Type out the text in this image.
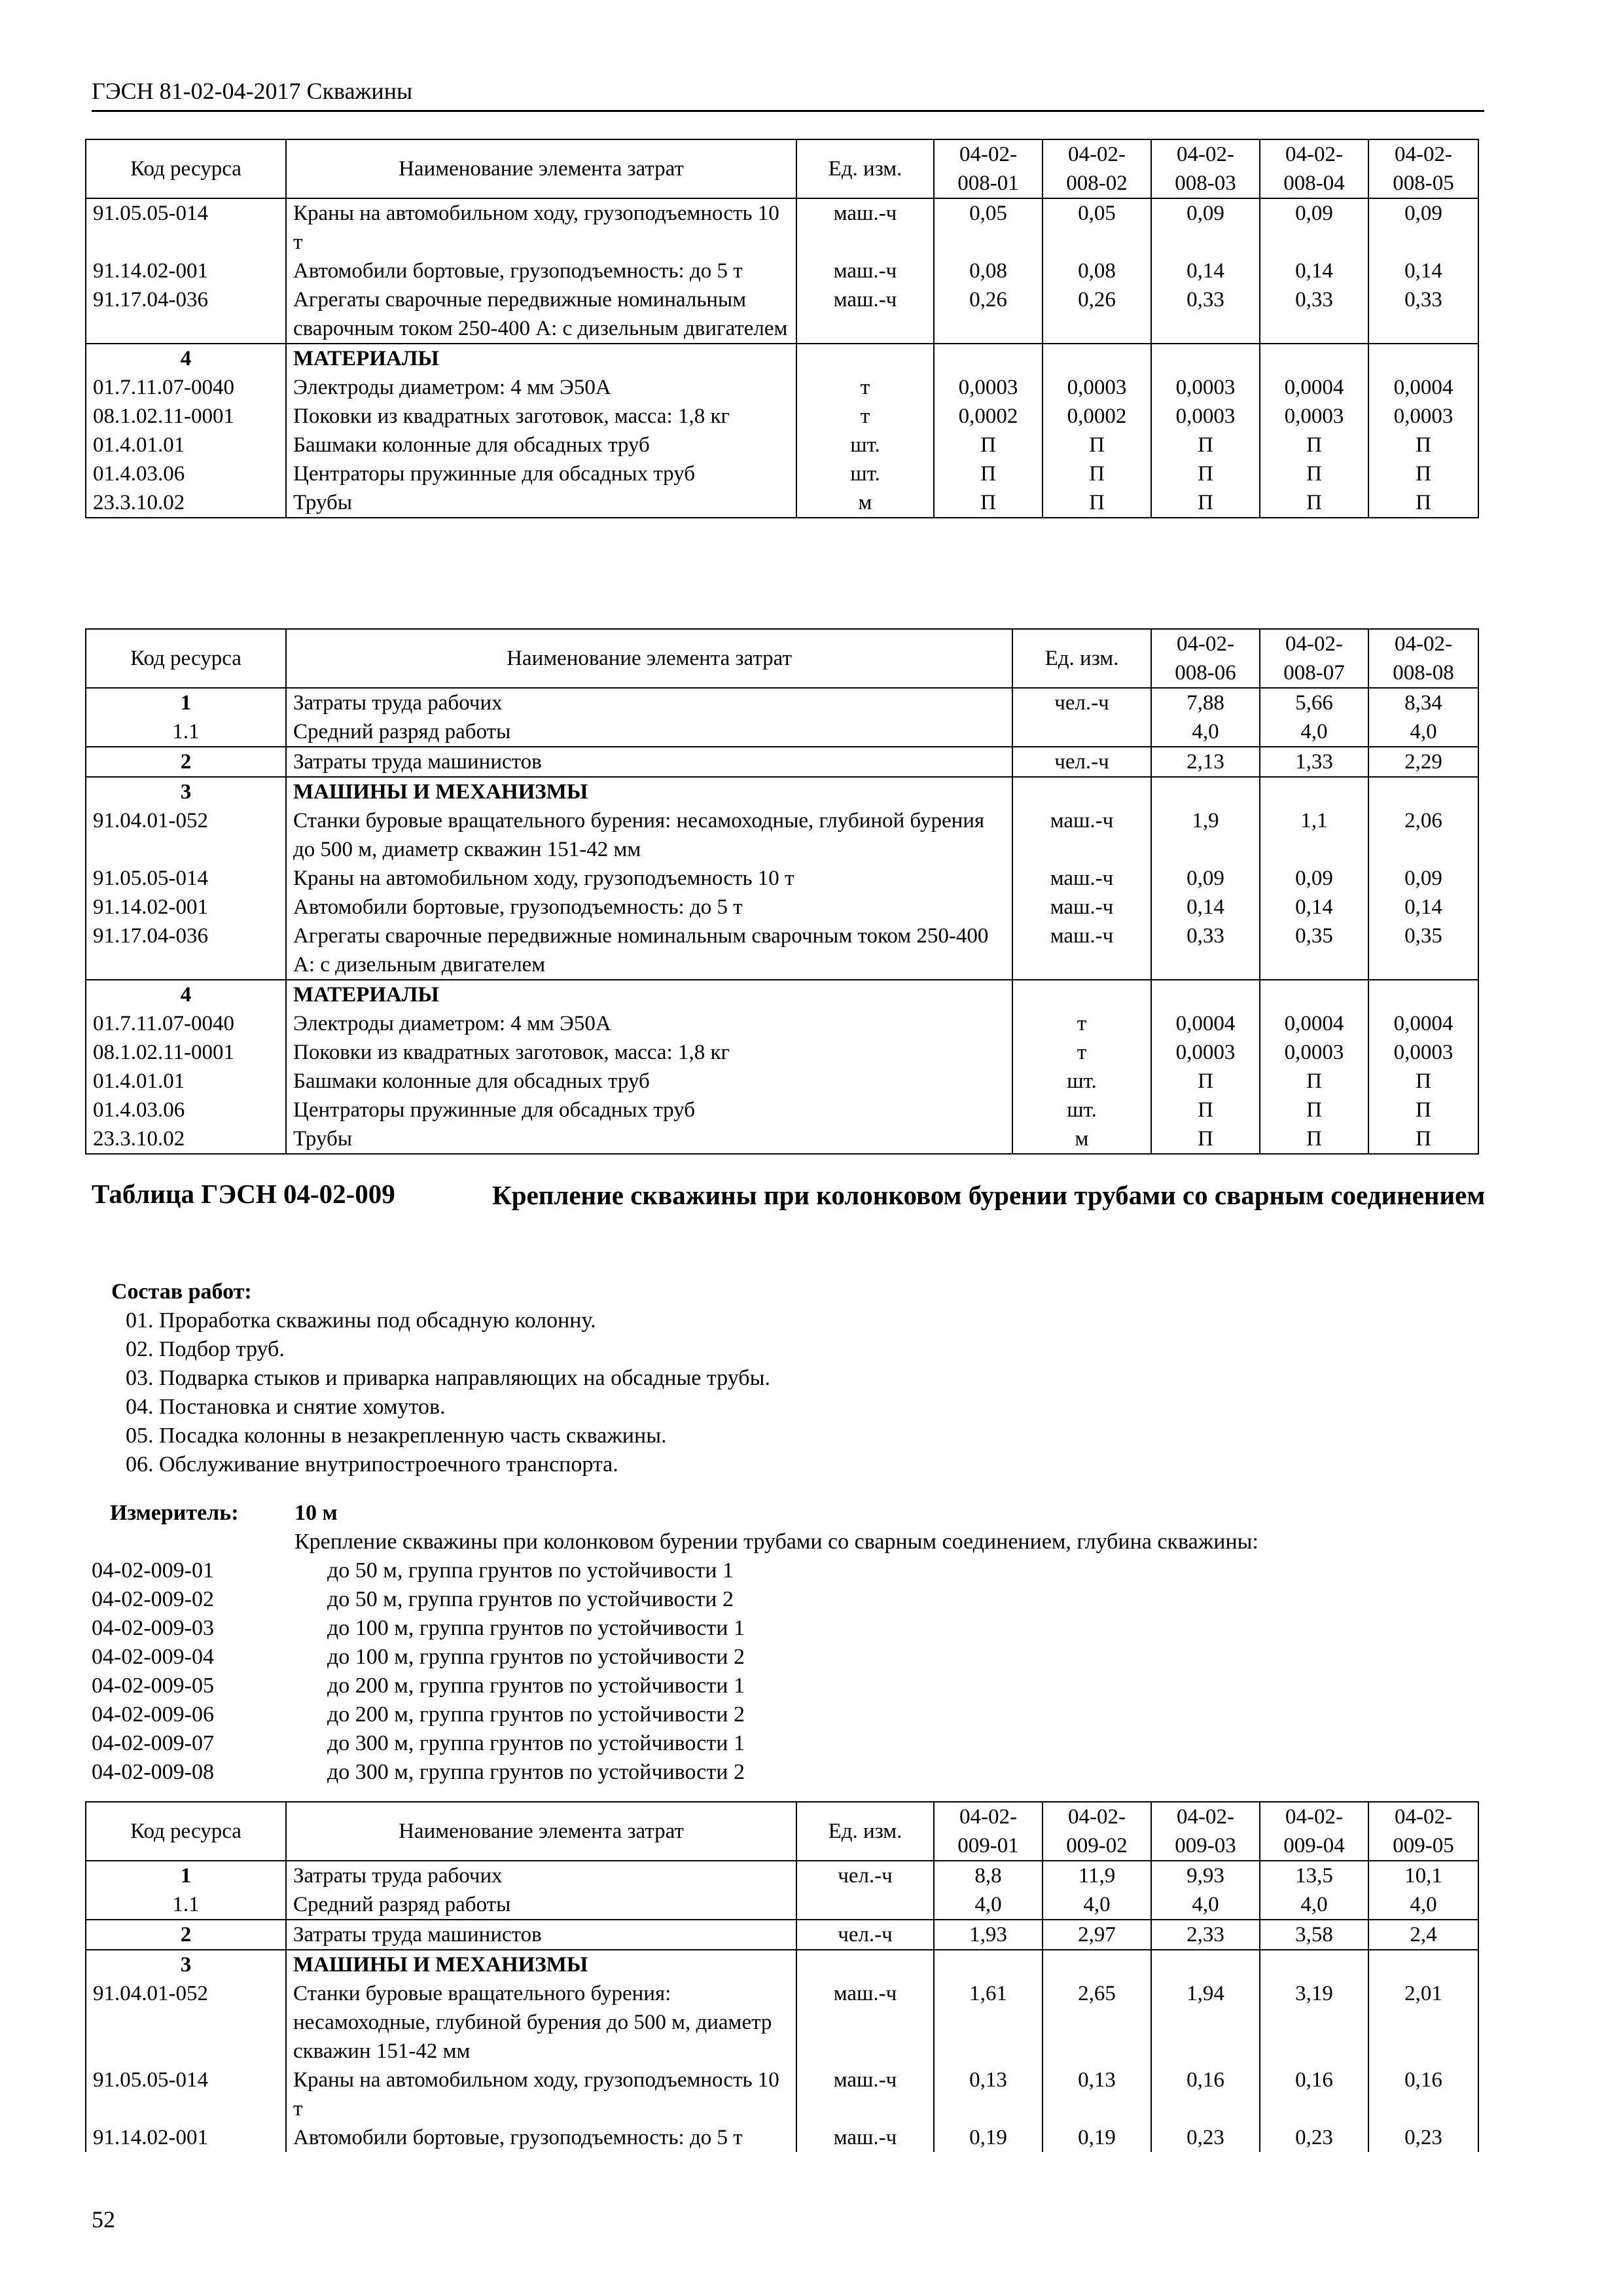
ГЭСН 81-02-04-2017 Скважины
Код ресурса	Наименование элемента затрат	Ед. изм.	04-02-008-01	04-02-008-02	04-02-008-03	04-02-008-04	04-02-008-05
91.05.05-014	Краны на автомобильном ходу, грузоподъемность 10 т	маш.-ч	0,05	0,05	0,09	0,09	0,09
91.14.02-001	Автомобили бортовые, грузоподъемность: до 5 т	маш.-ч	0,08	0,08	0,14	0,14	0,14
91.17.04-036	Агрегаты сварочные передвижные номинальным сварочным током 250-400 А: с дизельным двигателем	маш.-ч	0,26	0,26	0,33	0,33	0,33
4	МАТЕРИАЛЫ						
01.7.11.07-0040	Электроды диаметром: 4 мм Э50А	т	0,0003	0,0003	0,0003	0,0004	0,0004
08.1.02.11-0001	Поковки из квадратных заготовок, масса: 1,8 кг	т	0,0002	0,0002	0,0003	0,0003	0,0003
01.4.01.01	Башмаки колонные для обсадных труб	шт.	П	П	П	П	П
01.4.03.06	Центраторы пружинные для обсадных труб	шт.	П	П	П	П	П
23.3.10.02	Трубы	м	П	П	П	П	П
Код ресурса	Наименование элемента затрат	Ед. изм.	04-02-008-06	04-02-008-07	04-02-008-08
1	Затраты труда рабочих	чел.-ч	7,88	5,66	8,34
1.1	Средний разряд работы		4,0	4,0	4,0
2	Затраты труда машинистов	чел.-ч	2,13	1,33	2,29
3	МАШИНЫ И МЕХАНИЗМЫ				
91.04.01-052	Станки буровые вращательного бурения: несамоходные, глубиной бурения до 500 м, диаметр скважин 151-42 мм	маш.-ч	1,9	1,1	2,06
91.05.05-014	Краны на автомобильном ходу, грузоподъемность 10 т	маш.-ч	0,09	0,09	0,09
91.14.02-001	Автомобили бортовые, грузоподъемность: до 5 т	маш.-ч	0,14	0,14	0,14
91.17.04-036	Агрегаты сварочные передвижные номинальным сварочным током 250-400 А: с дизельным двигателем	маш.-ч	0,33	0,35	0,35
4	МАТЕРИАЛЫ				
01.7.11.07-0040	Электроды диаметром: 4 мм Э50А	т	0,0004	0,0004	0,0004
08.1.02.11-0001	Поковки из квадратных заготовок, масса: 1,8 кг	т	0,0003	0,0003	0,0003
01.4.01.01	Башмаки колонные для обсадных труб	шт.	П	П	П
01.4.03.06	Центраторы пружинные для обсадных труб	шт.	П	П	П
23.3.10.02	Трубы	м	П	П	П
Таблица ГЭСН 04-02-009	Крепление скважины при колонковом бурении трубами со сварным соединением
Состав работ:
01. Проработка скважины под обсадную колонну.
02. Подбор труб.
03. Подварка стыков и приварка направляющих на обсадные трубы.
04. Постановка и снятие хомутов.
05. Посадка колонны в незакрепленную часть скважины.
06. Обслуживание внутрипостроечного транспорта.
Измеритель:	10 м
Крепление скважины при колонковом бурении трубами со сварным соединением, глубина скважины:
04-02-009-01	до 50 м, группа грунтов по устойчивости 1
04-02-009-02	до 50 м, группа грунтов по устойчивости 2
04-02-009-03	до 100 м, группа грунтов по устойчивости 1
04-02-009-04	до 100 м, группа грунтов по устойчивости 2
04-02-009-05	до 200 м, группа грунтов по устойчивости 1
04-02-009-06	до 200 м, группа грунтов по устойчивости 2
04-02-009-07	до 300 м, группа грунтов по устойчивости 1
04-02-009-08	до 300 м, группа грунтов по устойчивости 2
Код ресурса	Наименование элемента затрат	Ед. изм.	04-02-009-01	04-02-009-02	04-02-009-03	04-02-009-04	04-02-009-05
1	Затраты труда рабочих	чел.-ч	8,8	11,9	9,93	13,5	10,1
1.1	Средний разряд работы		4,0	4,0	4,0	4,0	4,0
2	Затраты труда машинистов	чел.-ч	1,93	2,97	2,33	3,58	2,4
3	МАШИНЫ И МЕХАНИЗМЫ						
91.04.01-052	Станки буровые вращательного бурения: несамоходные, глубиной бурения до 500 м, диаметр скважин 151-42 мм	маш.-ч	1,61	2,65	1,94	3,19	2,01
91.05.05-014	Краны на автомобильном ходу, грузоподъемность 10 т	маш.-ч	0,13	0,13	0,16	0,16	0,16
91.14.02-001	Автомобили бортовые, грузоподъемность: до 5 т	маш.-ч	0,19	0,19	0,23	0,23	0,23
52
